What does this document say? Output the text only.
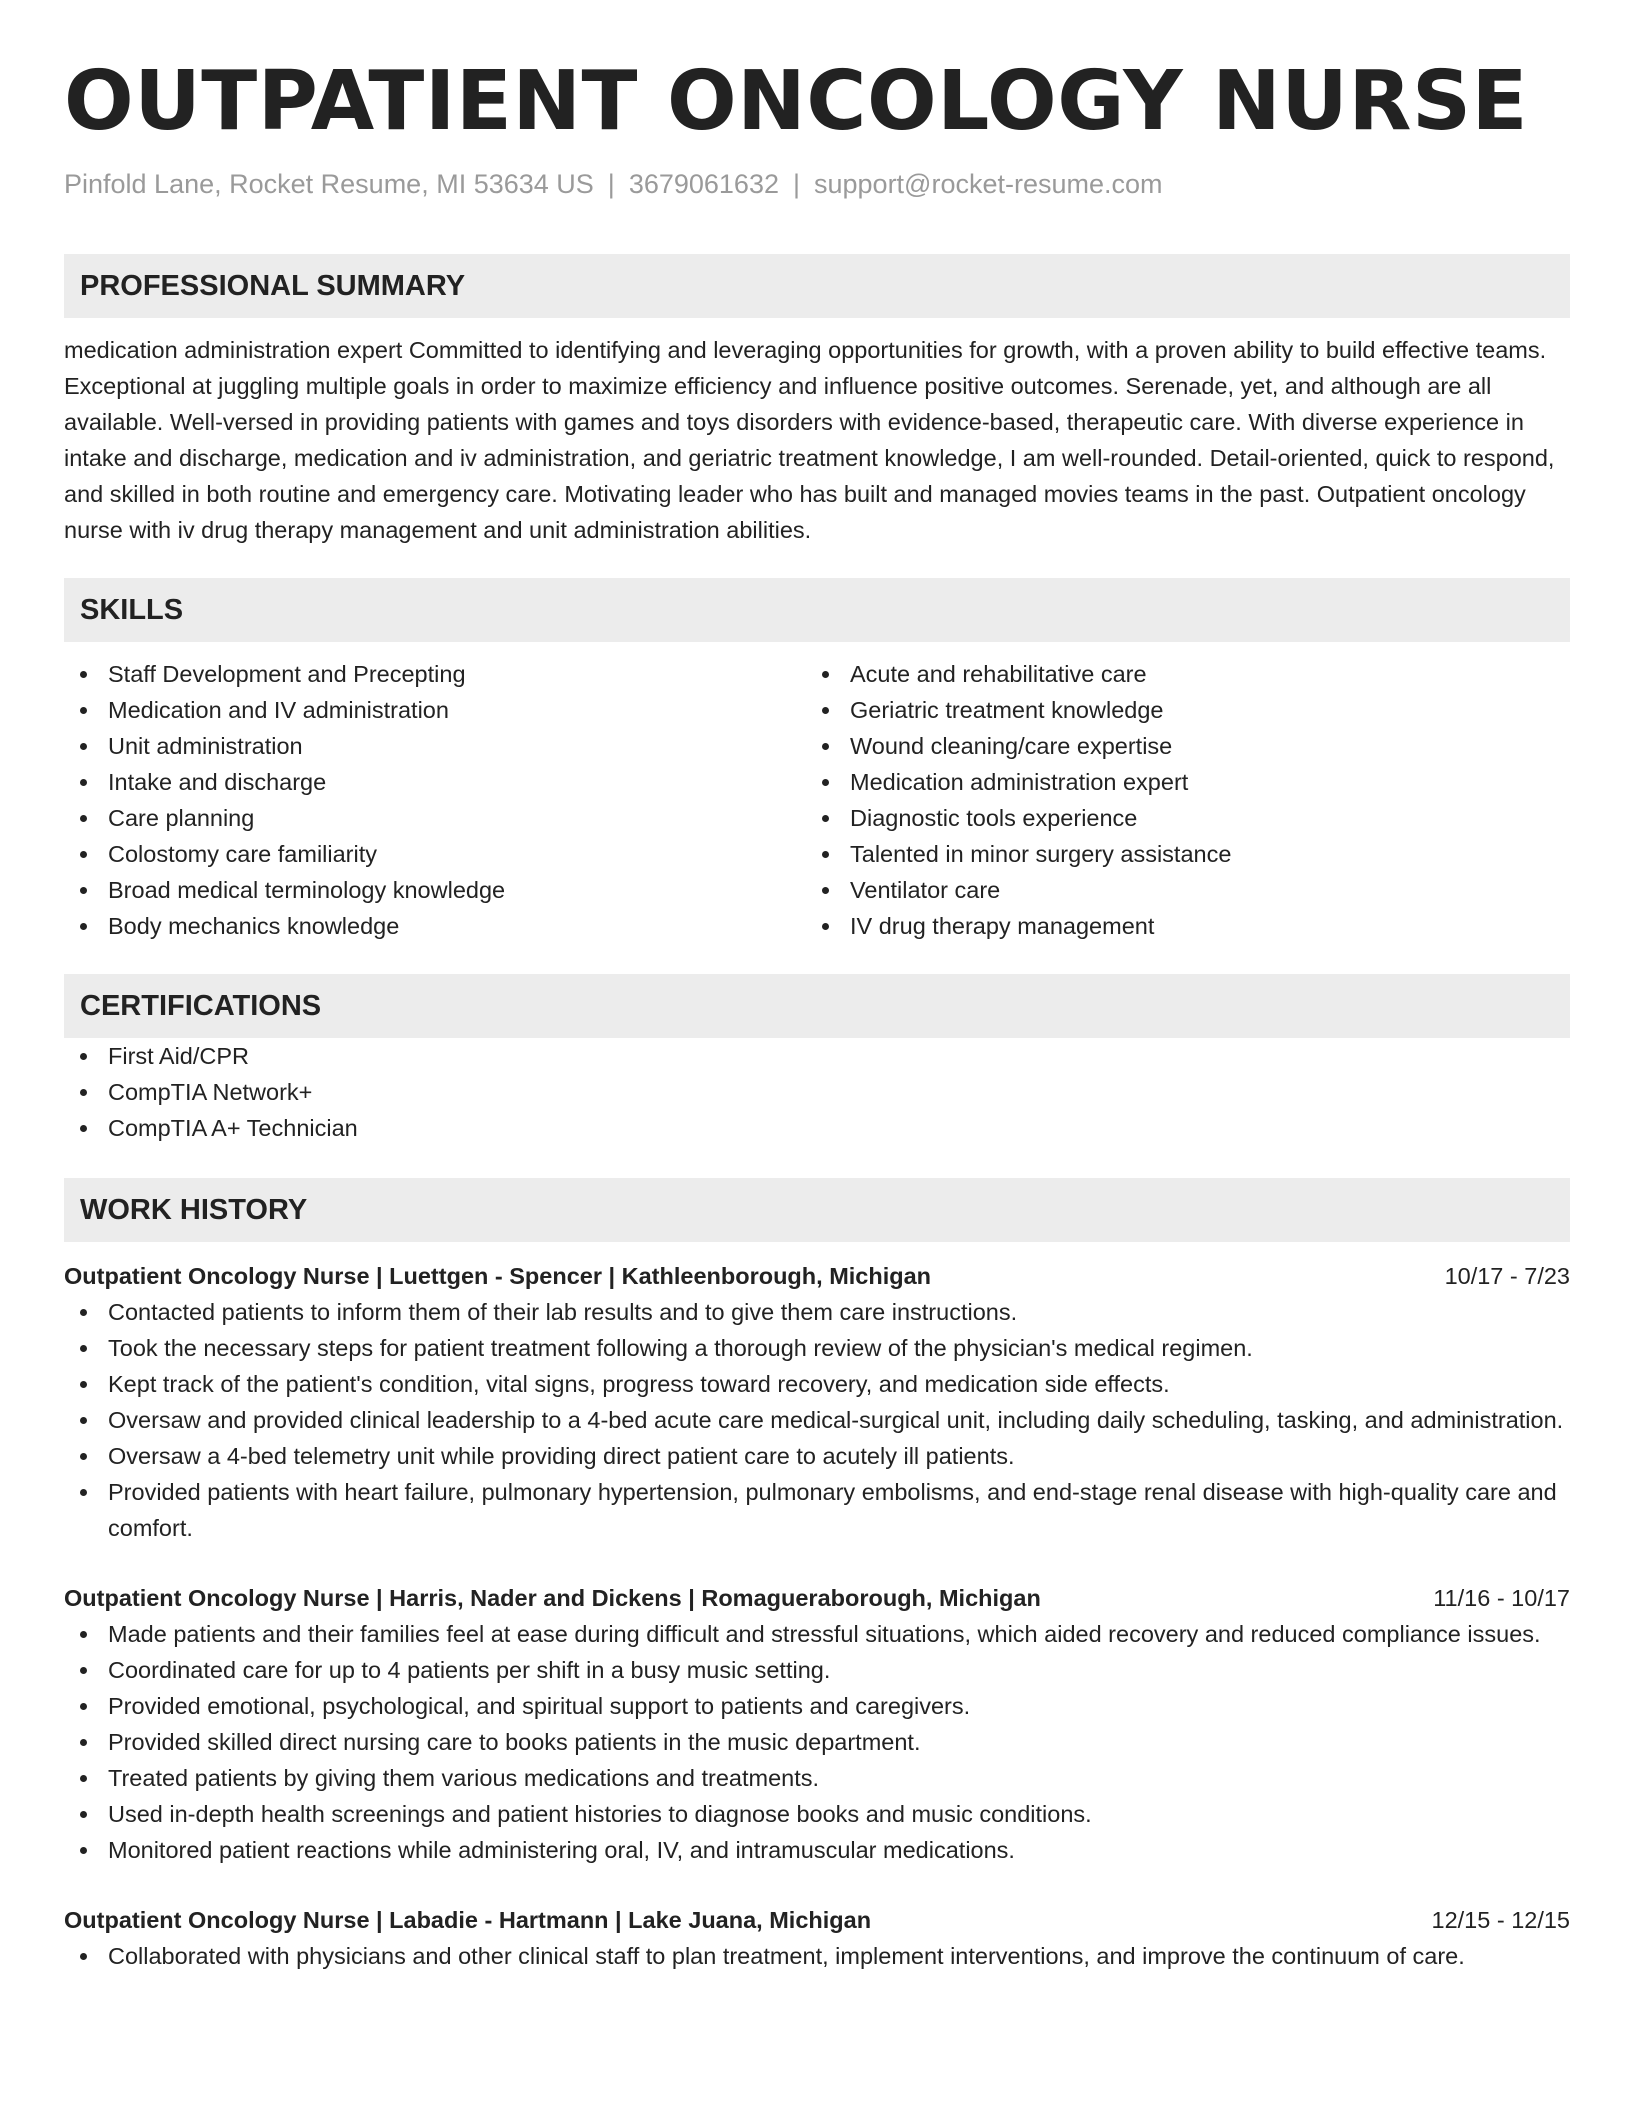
OUTPATIENT ONCOLOGY NURSE
Pinfold Lane, Rocket Resume, MI 53634 US | 3679061632 | support@rocket-resume.com
PROFESSIONAL SUMMARY
medication administration expert Committed to identifying and leveraging opportunities for growth, with a proven ability to build effective teams. Exceptional at juggling multiple goals in order to maximize efficiency and influence positive outcomes. Serenade, yet, and although are all available. Well-versed in providing patients with games and toys disorders with evidence-based, therapeutic care. With diverse experience in intake and discharge, medication and iv administration, and geriatric treatment knowledge, I am well-rounded. Detail-oriented, quick to respond, and skilled in both routine and emergency care. Motivating leader who has built and managed movies teams in the past. Outpatient oncology nurse with iv drug therapy management and unit administration abilities.
SKILLS
Staff Development and Precepting
Medication and IV administration
Unit administration
Intake and discharge
Care planning
Colostomy care familiarity
Broad medical terminology knowledge
Body mechanics knowledge
Acute and rehabilitative care
Geriatric treatment knowledge
Wound cleaning/care expertise
Medication administration expert
Diagnostic tools experience
Talented in minor surgery assistance
Ventilator care
IV drug therapy management
CERTIFICATIONS
First Aid/CPR
CompTIA Network+
CompTIA A+ Technician
WORK HISTORY
Outpatient Oncology Nurse | Luettgen - Spencer | Kathleenborough, Michigan	10/17 - 7/23
Contacted patients to inform them of their lab results and to give them care instructions.
Took the necessary steps for patient treatment following a thorough review of the physician's medical regimen.
Kept track of the patient's condition, vital signs, progress toward recovery, and medication side effects.
Oversaw and provided clinical leadership to a 4-bed acute care medical-surgical unit, including daily scheduling, tasking, and administration.
Oversaw a 4-bed telemetry unit while providing direct patient care to acutely ill patients.
Provided patients with heart failure, pulmonary hypertension, pulmonary embolisms, and end-stage renal disease with high-quality care and comfort.
Outpatient Oncology Nurse | Harris, Nader and Dickens | Romagueraborough, Michigan	11/16 - 10/17
Made patients and their families feel at ease during difficult and stressful situations, which aided recovery and reduced compliance issues.
Coordinated care for up to 4 patients per shift in a busy music setting.
Provided emotional, psychological, and spiritual support to patients and caregivers.
Provided skilled direct nursing care to books patients in the music department.
Treated patients by giving them various medications and treatments.
Used in-depth health screenings and patient histories to diagnose books and music conditions.
Monitored patient reactions while administering oral, IV, and intramuscular medications.
Outpatient Oncology Nurse | Labadie - Hartmann | Lake Juana, Michigan	12/15 - 12/15
Collaborated with physicians and other clinical staff to plan treatment, implement interventions, and improve the continuum of care.
